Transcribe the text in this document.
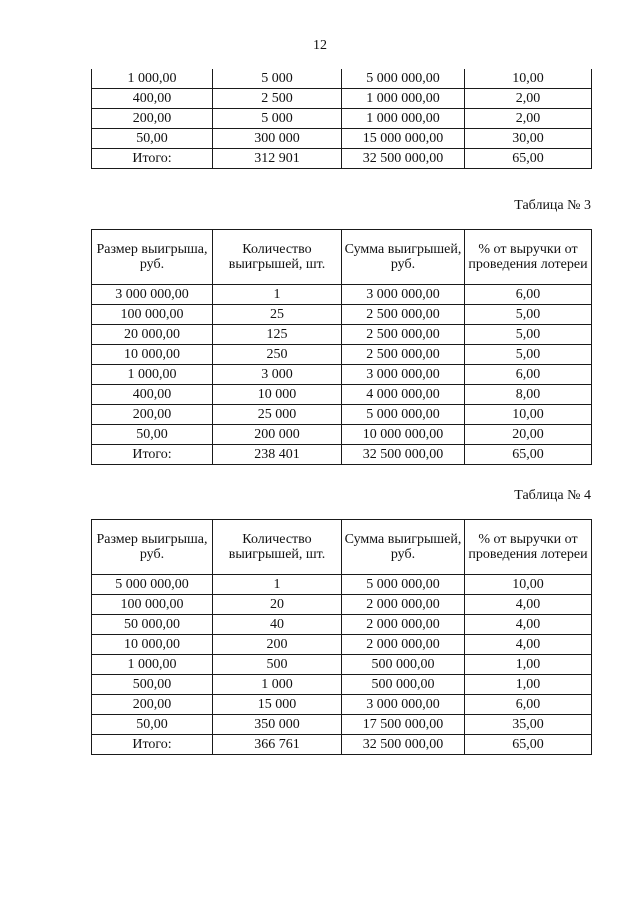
12
1 000,00	5 000	5 000 000,00	10,00
400,00	2 500	1 000 000,00	2,00
200,00	5 000	1 000 000,00	2,00
50,00	300 000	15 000 000,00	30,00
Итого:	312 901	32 500 000,00	65,00
Таблица № 3
Размер выигрыша, руб.	Количество выигрышей, шт.	Сумма выигрышей, руб.	% от выручки от проведения лотереи
3 000 000,00	1	3 000 000,00	6,00
100 000,00	25	2 500 000,00	5,00
20 000,00	125	2 500 000,00	5,00
10 000,00	250	2 500 000,00	5,00
1 000,00	3 000	3 000 000,00	6,00
400,00	10 000	4 000 000,00	8,00
200,00	25 000	5 000 000,00	10,00
50,00	200 000	10 000 000,00	20,00
Итого:	238 401	32 500 000,00	65,00
Таблица № 4
Размер выигрыша, руб.	Количество выигрышей, шт.	Сумма выигрышей, руб.	% от выручки от проведения лотереи
5 000 000,00	1	5 000 000,00	10,00
100 000,00	20	2 000 000,00	4,00
50 000,00	40	2 000 000,00	4,00
10 000,00	200	2 000 000,00	4,00
1 000,00	500	500 000,00	1,00
500,00	1 000	500 000,00	1,00
200,00	15 000	3 000 000,00	6,00
50,00	350 000	17 500 000,00	35,00
Итого:	366 761	32 500 000,00	65,00
